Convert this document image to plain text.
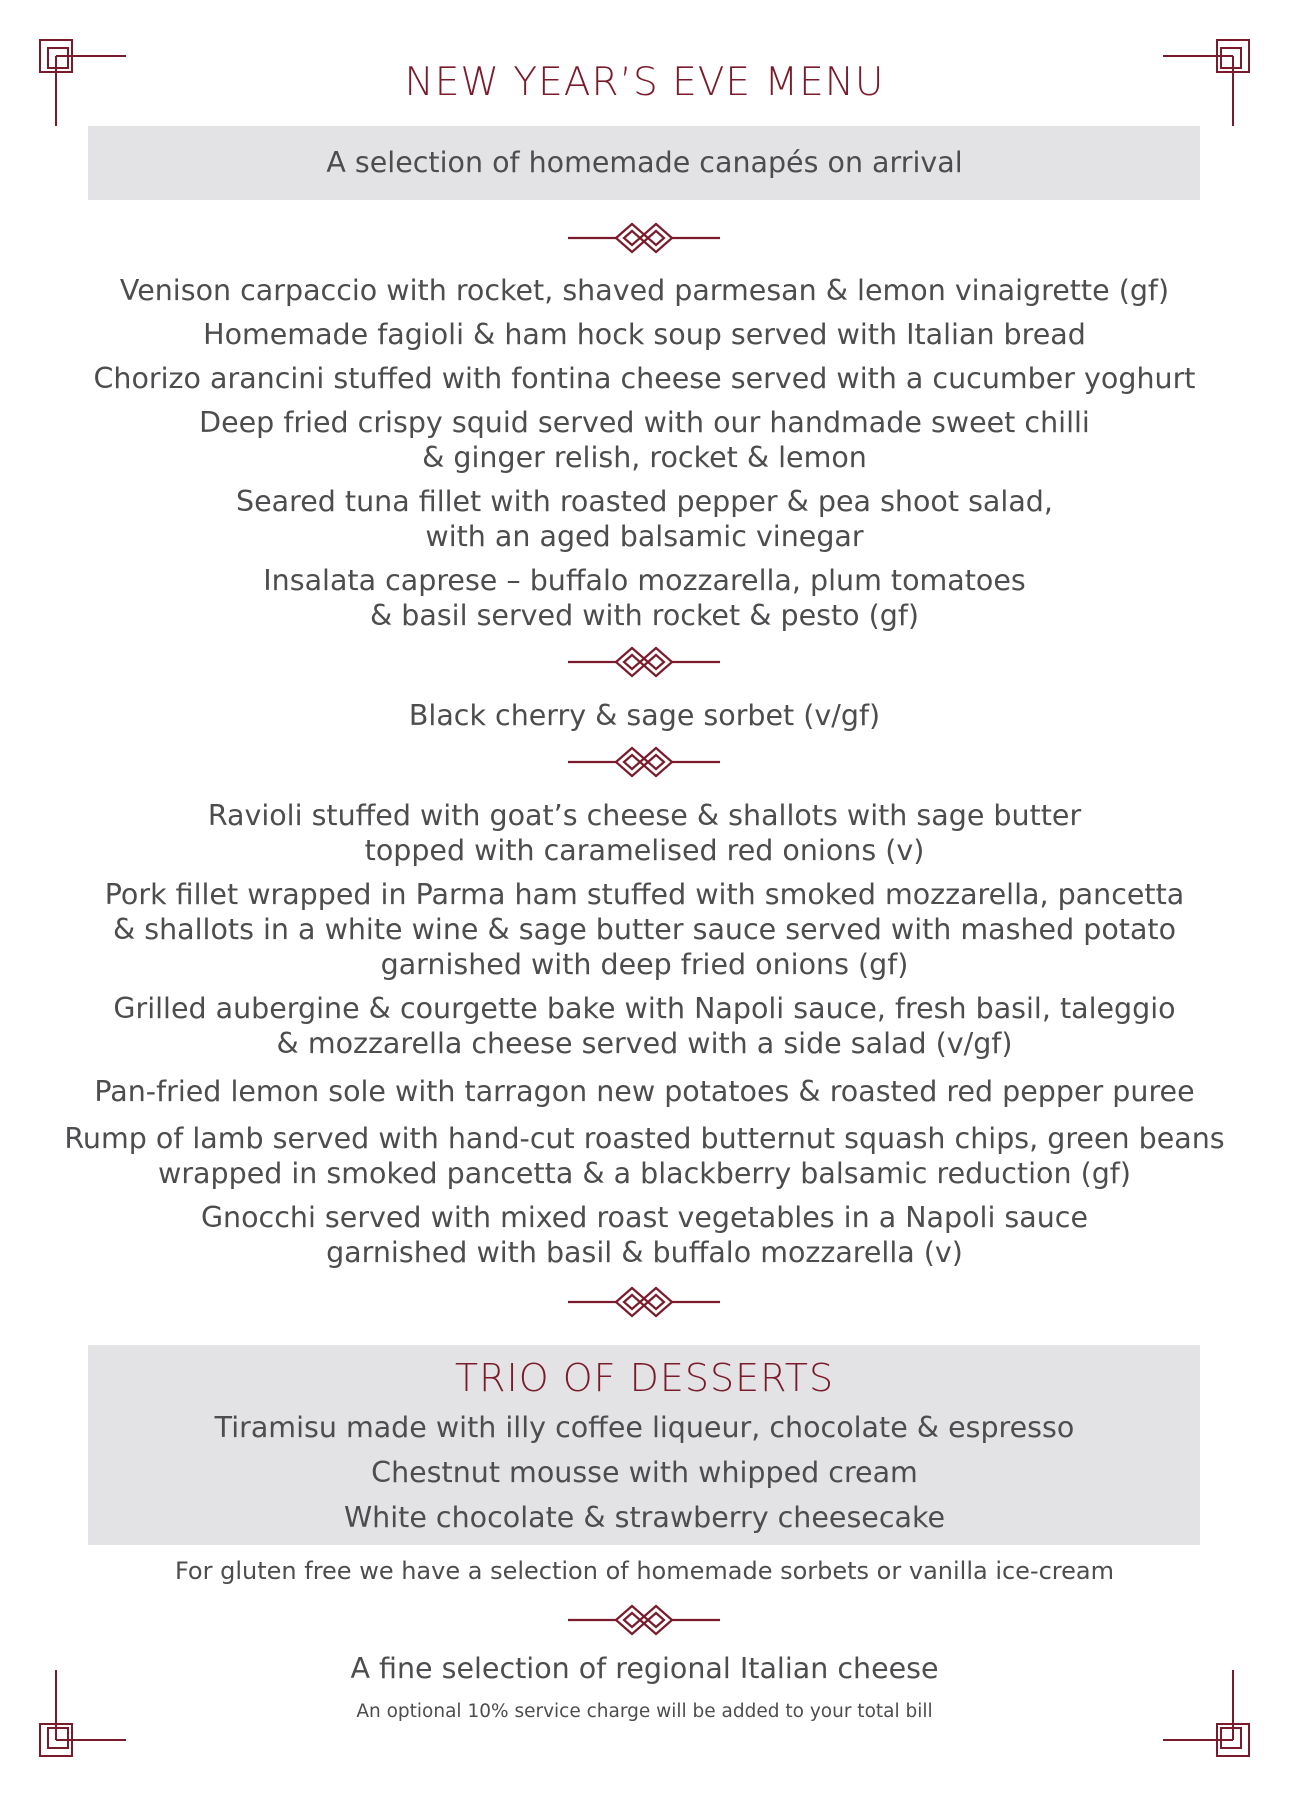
NEW YEAR’S EVE MENU
A selection of homemade canapés on arrival
Venison carpaccio with rocket, shaved parmesan & lemon vinaigrette (gf)
Homemade fagioli & ham hock soup served with Italian bread
Chorizo arancini stuffed with fontina cheese served with a cucumber yoghurt
Deep fried crispy squid served with our handmade sweet chilli
& ginger relish, rocket & lemon
Seared tuna fillet with roasted pepper & pea shoot salad,
with an aged balsamic vinegar
Insalata caprese – buffalo mozzarella, plum tomatoes
& basil served with rocket & pesto (gf)
Black cherry & sage sorbet (v/gf)
Ravioli stuffed with goat’s cheese & shallots with sage butter
topped with caramelised red onions (v)
Pork fillet wrapped in Parma ham stuffed with smoked mozzarella, pancetta
& shallots in a white wine & sage butter sauce served with mashed potato
garnished with deep fried onions (gf)
Grilled aubergine & courgette bake with Napoli sauce, fresh basil, taleggio
& mozzarella cheese served with a side salad (v/gf)
Pan-fried lemon sole with tarragon new potatoes & roasted red pepper puree
Rump of lamb served with hand-cut roasted butternut squash chips, green beans
wrapped in smoked pancetta & a blackberry balsamic reduction (gf)
Gnocchi served with mixed roast vegetables in a Napoli sauce
garnished with basil & buffalo mozzarella (v)
TRIO OF DESSERTS
Tiramisu made with illy coffee liqueur, chocolate & espresso
Chestnut mousse with whipped cream
White chocolate & strawberry cheesecake
For gluten free we have a selection of homemade sorbets or vanilla ice-cream
A fine selection of regional Italian cheese
An optional 10% service charge will be added to your total bill
